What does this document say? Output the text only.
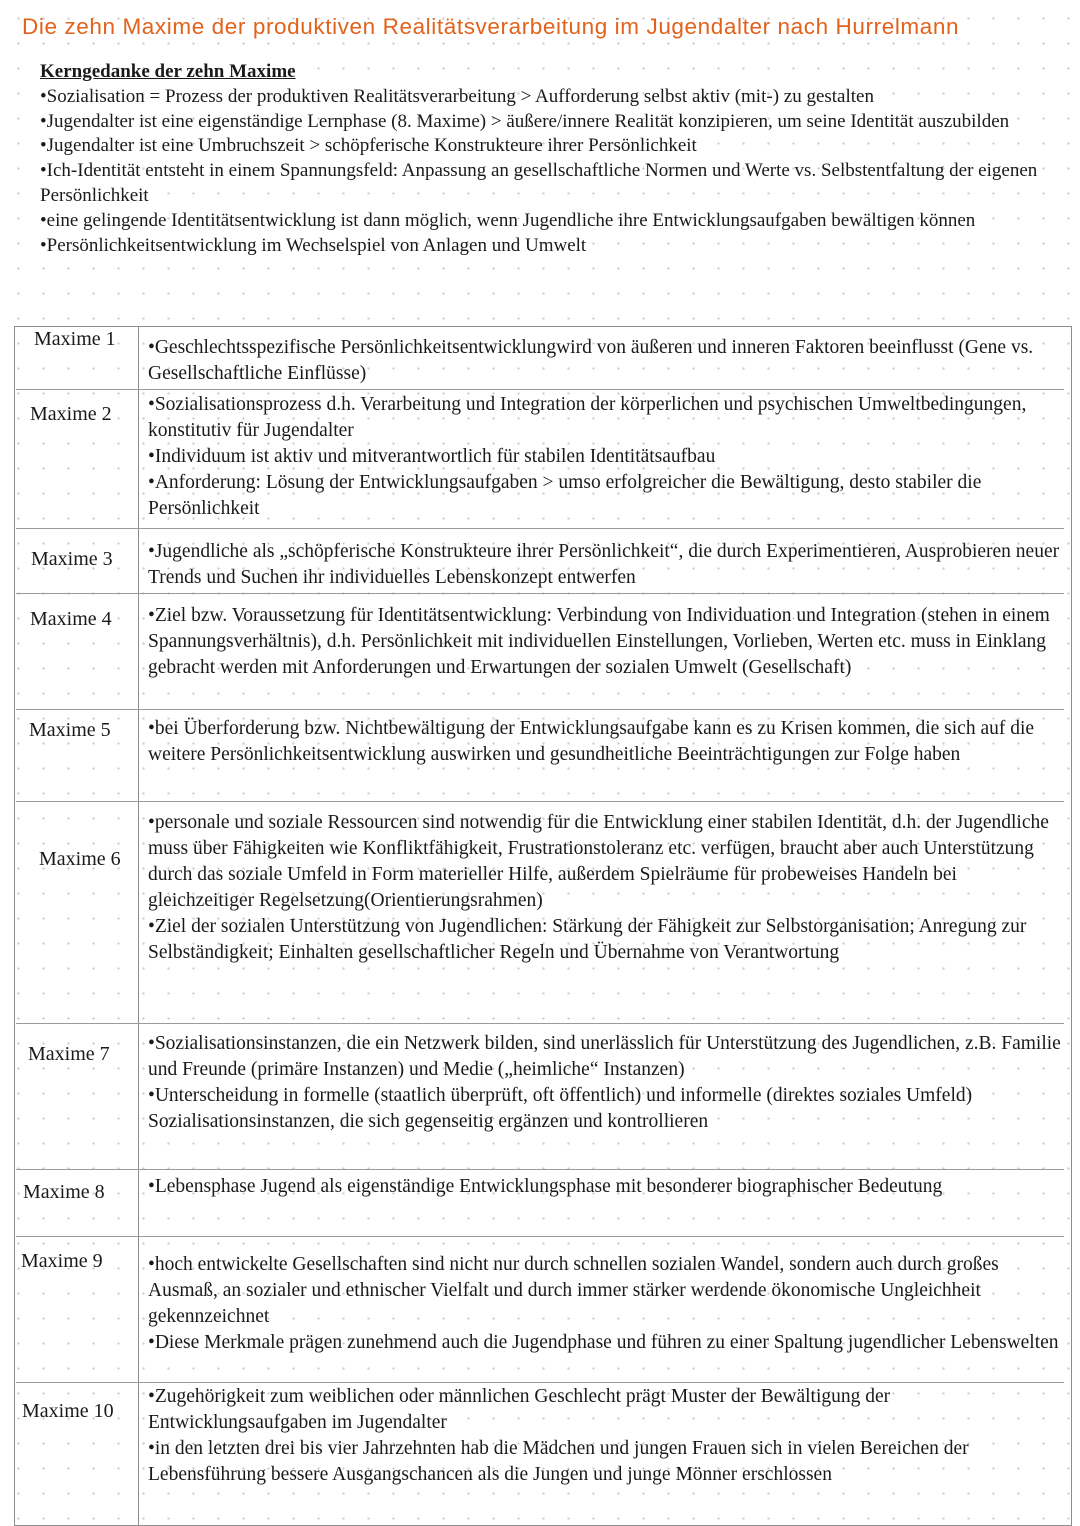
Die zehn Maxime der produktiven Realitätsverarbeitung im Jugendalter nach Hurrelmann
Kerngedanke der zehn Maxime
•Sozialisation = Prozess der produktiven Realitätsverarbeitung > Aufforderung selbst aktiv (mit-) zu gestalten
•Jugendalter ist eine eigenständige Lernphase (8. Maxime) > äußere/innere Realität konzipieren, um seine Identität auszubilden
•Jugendalter ist eine Umbruchszeit > schöpferische Konstrukteure ihrer Persönlichkeit
•Ich-Identität entsteht in einem Spannungsfeld: Anpassung an gesellschaftliche Normen und Werte vs. Selbstentfaltung der eigenen Persönlichkeit
•eine gelingende Identitätsentwicklung ist dann möglich, wenn Jugendliche ihre Entwicklungsaufgaben bewältigen können
•Persönlichkeitsentwicklung im Wechselspiel von Anlagen und Umwelt
Maxime 1 •Geschlechtsspezifische Persönlichkeitsentwicklungwird von äußeren und inneren Faktoren beeinflusst (Gene vs. Gesellschaftliche Einflüsse)

Maxime 2 •Sozialisationsprozess d.h. Verarbeitung und Integration der körperlichen und psychischen Umweltbedingungen, konstitutiv für Jugendalter

•Individuum ist aktiv und mitverantwortlich für stabilen Identitätsaufbau

•Anforderung: Lösung der Entwicklungsaufgaben > umso erfolgreicher die Bewältigung, desto stabiler die Persönlichkeit

Maxime 3 •Jugendliche als „schöpferische Konstrukteure ihrer Persönlichkeit“, die durch Experimentieren, Ausprobieren neuer Trends und Suchen ihr individuelles Lebenskonzept entwerfen

Maxime 4 •Ziel bzw. Voraussetzung für Identitätsentwicklung: Verbindung von Individuation und Integration (stehen in einem Spannungsverhältnis), d.h. Persönlichkeit mit individuellen Einstellungen, Vorlieben, Werten etc. muss in Einklang gebracht werden mit Anforderungen und Erwartungen der sozialen Umwelt (Gesellschaft)

Maxime 5 •bei Überforderung bzw. Nichtbewältigung der Entwicklungsaufgabe kann es zu Krisen kommen, die sich auf die weitere Persönlichkeitsentwicklung auswirken und gesundheitliche Beeinträchtigungen zur Folge haben

Maxime 6

•personale und soziale Ressourcen sind notwendig für die Entwicklung einer stabilen Identität, d.h. der Jugendliche muss über Fähigkeiten wie Konfliktfähigkeit, Frustrationstoleranz etc. verfügen, braucht aber auch Unterstützung durch das soziale Umfeld in Form materieller Hilfe, außerdem Spielräume für probeweises Handeln bei gleichzeitiger Regelsetzung(Orientierungsrahmen)

•Ziel der sozialen Unterstützung von Jugendlichen: Stärkung der Fähigkeit zur Selbstorganisation; Anregung zur Selbständigkeit; Einhalten gesellschaftlicher Regeln und Übernahme von Verantwortung

Maxime 7 •Sozialisationsinstanzen, die ein Netzwerk bilden, sind unerlässlich für Unterstützung des Jugendlichen, z.B. Familie und Freunde (primäre Instanzen) und Medie („heimliche“ Instanzen)

•Unterscheidung in formelle (staatlich überprüft, oft öffentlich) und informelle (direktes soziales Umfeld) Sozialisationsinstanzen, die sich gegenseitig ergänzen und kontrollieren

Maxime 8 •Lebensphase Jugend als eigenständige Entwicklungsphase mit besonderer biographischer Bedeutung

Maxime 9 •hoch entwickelte Gesellschaften sind nicht nur durch schnellen sozialen Wandel, sondern auch durch großes Ausmaß, an sozialer und ethnischer Vielfalt und durch immer stärker werdende ökonomische Ungleichheit gekennzeichnet

•Diese Merkmale prägen zunehmend auch die Jugendphase und führen zu einer Spaltung jugendlicher Lebenswelten

Maxime 10

•Zugehörigkeit zum weiblichen oder männlichen Geschlecht prägt Muster der Bewältigung der Entwicklungsaufgaben im Jugendalter

•in den letzten drei bis vier Jahrzehnten hab die Mädchen und jungen Frauen sich in vielen Bereichen der Lebensführung bessere Ausgangschancen als die Jungen und junge Mönner erschlossen
